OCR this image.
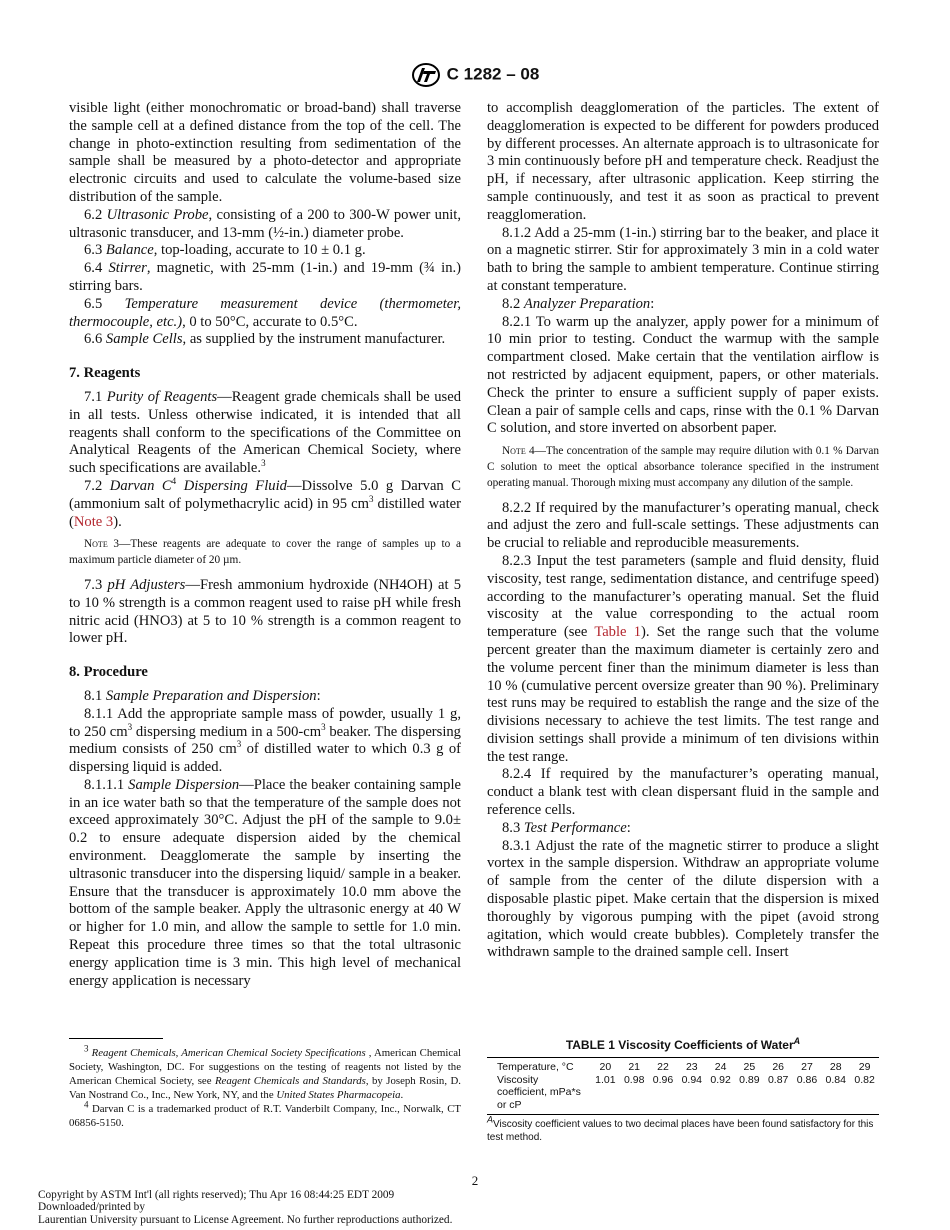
C 1282 – 08

visible light (either monochromatic or broad-band) shall traverse the sample cell at a defined distance from the top of the cell. The change in photo-extinction resulting from sedimentation of the sample shall be measured by a photo-detector and appropriate electronic circuits and used to calculate the volume-based size distribution of the sample.

6.2 Ultrasonic Probe, consisting of a 200 to 300-W power unit, ultrasonic transducer, and 13-mm (½-in.) diameter probe.

6.3 Balance, top-loading, accurate to 10 ± 0.1 g.

6.4 Stirrer, magnetic, with 25-mm (1-in.) and 19-mm (¾ in.) stirring bars.

6.5 Temperature measurement device (thermometer, thermocouple, etc.), 0 to 50°C, accurate to 0.5°C.

6.6 Sample Cells, as supplied by the instrument manufacturer.

7. Reagents

7.1 Purity of Reagents—Reagent grade chemicals shall be used in all tests. Unless otherwise indicated, it is intended that all reagents shall conform to the specifications of the Committee on Analytical Reagents of the American Chemical Society, where such specifications are available.$^3$

7.2 Darvan $C^4$ Dispersing Fluid—Dissolve 5.0 g Darvan C (ammonium salt of polymethacrylic acid) in 95 $cm^3$ distilled water (Note 3).

Note 3—These reagents are adequate to cover the range of samples up to a maximum particle diameter of 20 µm.

7.3 pH Adjusters—Fresh ammonium hydroxide (NH4OH) at 5 to 10 % strength is a common reagent used to raise pH while fresh nitric acid (HNO3) at 5 to 10 % strength is a common reagent to lower pH.

8. Procedure

8.1 Sample Preparation and Dispersion:

8.1.1 Add the appropriate sample mass of powder, usually 1 g, to 250 $cm^3$ dispersing medium in a $500-cm^3$ beaker. The dispersing medium consists of 250 $cm^3$ of distilled water to which 0.3 g of dispersing liquid is added.

8.1.1.1 Sample Dispersion—Place the beaker containing sample in an ice water bath so that the temperature of the sample does not exceed approximately 30°C. Adjust the pH of the sample to 9.0± 0.2 to ensure adequate dispersion aided by the chemical environment. Deagglomerate the sample by inserting the ultrasonic transducer into the dispersing liquid/ sample in a beaker. Ensure that the transducer is approximately 10.0 mm above the bottom of the sample beaker. Apply the ultrasonic energy at 40 W or higher for 1.0 min, and allow the sample to settle for 1.0 min. Repeat this procedure three times so that the total ultrasonic energy application time is 3 min. This high level of mechanical energy application is necessary

to accomplish deagglomeration of the particles. The extent of deagglomeration is expected to be different for powders produced by different processes. An alternate approach is to ultrasonicate for 3 min continuously before pH and temperature check. Readjust the pH, if necessary, after ultrasonic application. Keep stirring the sample continuously, and test it as soon as practical to prevent reagglomeration.

8.1.2 Add a 25-mm (1-in.) stirring bar to the beaker, and place it on a magnetic stirrer. Stir for approximately 3 min in a cold water bath to bring the sample to ambient temperature. Continue stirring at constant temperature.

8.2 Analyzer Preparation:

8.2.1 To warm up the analyzer, apply power for a minimum of 10 min prior to testing. Conduct the warmup with the sample compartment closed. Make certain that the ventilation airflow is not restricted by adjacent equipment, papers, or other materials. Check the printer to ensure a sufficient supply of paper exists. Clean a pair of sample cells and caps, rinse with the 0.1 % Darvan C solution, and store inverted on absorbent paper.

Note 4—The concentration of the sample may require dilution with 0.1 % Darvan C solution to meet the optical absorbance tolerance specified in the instrument operating manual. Thorough mixing must accompany any dilution of the sample.

8.2.2 If required by the manufacturer’s operating manual, check and adjust the zero and full-scale settings. These adjustments can be crucial to reliable and reproducible measurements.

8.2.3 Input the test parameters (sample and fluid density, fluid viscosity, test range, sedimentation distance, and centrifuge speed) according to the manufacturer’s operating manual. Set the fluid viscosity at the value corresponding to the actual room temperature (see Table 1). Set the range such that the volume percent greater than the maximum diameter is certainly zero and the volume percent finer than the minimum diameter is less than 10 % (cumulative percent oversize greater than 90 %). Preliminary test runs may be required to establish the range and the size of the divisions necessary to achieve the test limits. The test range and division settings shall provide a minimum of ten divisions within the test range.

8.2.4 If required by the manufacturer’s operating manual, conduct a blank test with clean dispersant fluid in the sample and reference cells.

8.3 Test Performance:

8.3.1 Adjust the rate of the magnetic stirrer to produce a slight vortex in the sample dispersion. Withdraw an appropriate volume of sample from the center of the dilute dispersion with a disposable plastic pipet. Make certain that the dispersion is mixed thoroughly by vigorous pumping with the pipet (avoid strong agitation, which would create bubbles). Completely transfer the withdrawn sample to the drained sample cell. Insert

$^3$ Reagent Chemicals, American Chemical Society Specifications , American Chemical Society, Washington, DC. For suggestions on the testing of reagents not listed by the American Chemical Society, see Reagent Chemicals and Standards, by Joseph Rosin, D. Van Nostrand Co., Inc., New York, NY, and the United States Pharmacopeia.

$^4$ Darvan C is a trademarked product of R.T. Vanderbilt Company, Inc., Norwalk, CT 06856-5150.

TABLE 1 Viscosity Coefficients of Water$^A$
Temperature, °C	20	21	22	23	24	25	26	27	28	29
Viscosity coefficient, mPa*s or cP	1.01	0.98	0.96	0.94	0.92	0.89	0.87	0.86	0.84	0.82
$^A$Viscosity coefficient values to two decimal places have been found satisfactory for this test method.
2
Copyright by ASTM Int'l (all rights reserved); Thu Apr 16 08:44:25 EDT 2009
Downloaded/printed by
Laurentian University pursuant to License Agreement. No further reproductions authorized.
